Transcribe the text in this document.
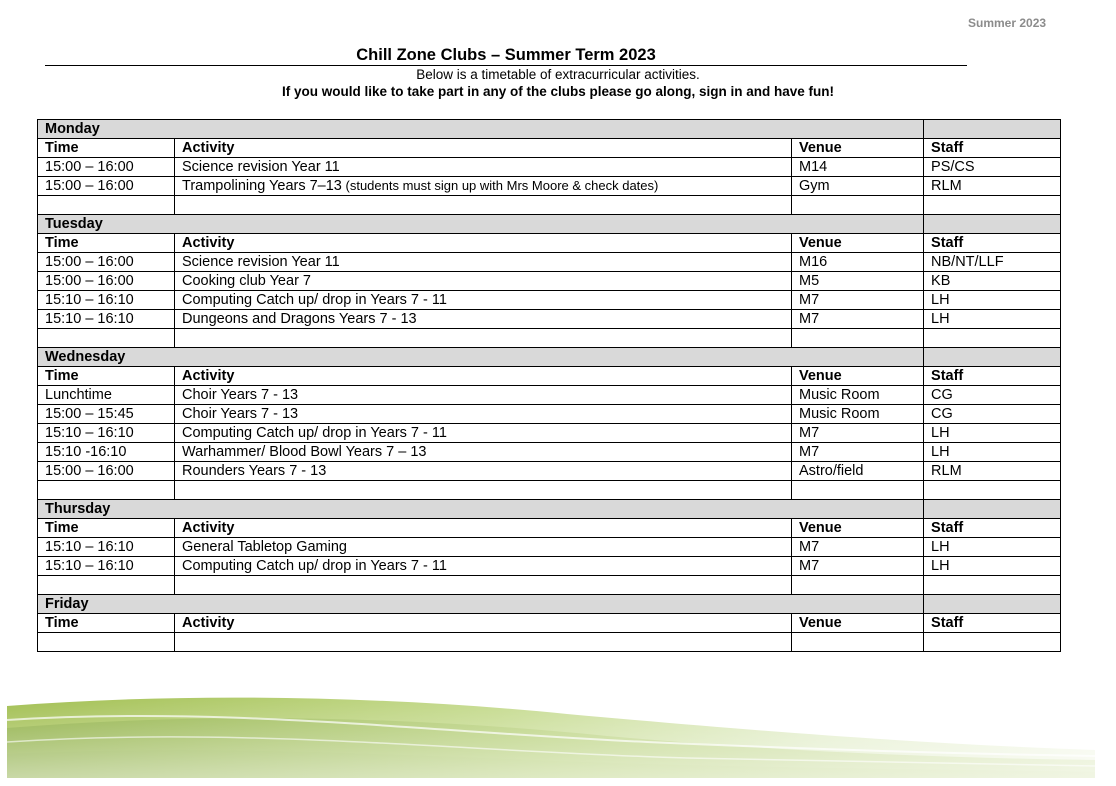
Summer 2023
Chill Zone Clubs – Summer Term 2023
Below is a timetable of extracurricular activities.
If you would like to take part in any of the clubs please go along, sign in and have fun!
Monday			
Time	Activity	Venue	Staff
15:00 – 16:00	Science revision Year 11	M14	PS/CS
15:00 – 16:00	Trampolining Years 7–13 (students must sign up with Mrs Moore & check dates)	Gym	RLM

Tuesday			
Time	Activity	Venue	Staff
15:00 – 16:00	Science revision Year 11	M16	NB/NT/LLF
15:00 – 16:00	Cooking club Year 7	M5	KB
15:10 – 16:10	Computing Catch up/ drop in Years 7 - 11	M7	LH
15:10 – 16:10	Dungeons and Dragons Years 7 - 13	M7	LH

Wednesday			
Time	Activity	Venue	Staff
Lunchtime	Choir Years 7 - 13	Music Room	CG
15:00 – 15:45	Choir Years 7 - 13	Music Room	CG
15:10 – 16:10	Computing Catch up/ drop in Years 7 - 11	M7	LH
15:10 -16:10	Warhammer/ Blood Bowl Years 7 – 13	M7	LH
15:00 – 16:00	Rounders Years 7 - 13	Astro/field	RLM

Thursday			
Time	Activity	Venue	Staff
15:10 – 16:10	General Tabletop Gaming	M7	LH
15:10 – 16:10	Computing Catch up/ drop in Years 7 - 11	M7	LH

Friday			
Time	Activity	Venue	Staff
